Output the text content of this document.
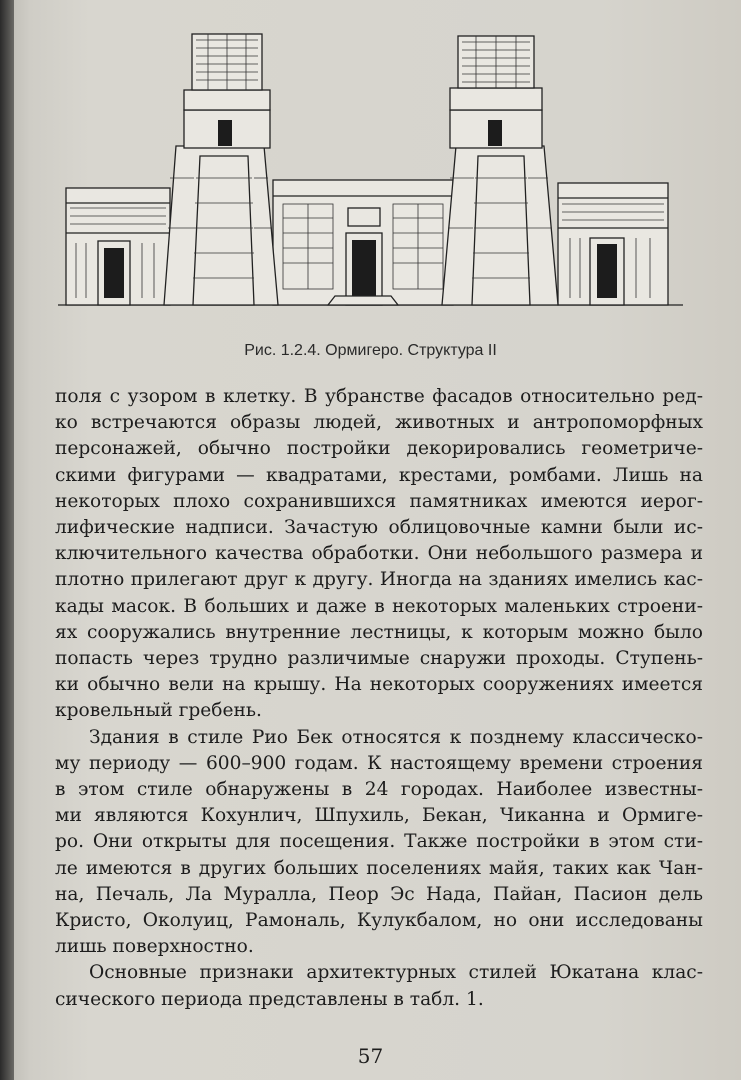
Рис. 1.2.4. Ормигеро. Структура II
поля с узором в клетку. В убранстве фасадов относительно ред-
ко встречаются образы людей, животных и антропоморфных
персонажей, обычно постройки декорировались геометриче-
скими фигурами — квадратами, крестами, ромбами. Лишь на
некоторых плохо сохранившихся памятниках имеются иерог-
лифические надписи. Зачастую облицовочные камни были ис-
ключительного качества обработки. Они небольшого размера и
плотно прилегают друг к другу. Иногда на зданиях имелись кас-
кады масок. В больших и даже в некоторых маленьких строени-
ях сооружались внутренние лестницы, к которым можно было
попасть через трудно различимые снаружи проходы. Ступень-
ки обычно вели на крышу. На некоторых сооружениях имеется
кровельный гребень.
Здания в стиле Рио Бек относятся к позднему классическо-
му периоду — 600–900 годам. К настоящему времени строения
в этом стиле обнаружены в 24 городах. Наиболее известны-
ми являются Кохунлич, Шпухиль, Бекан, Чиканна и Ормиге-
ро. Они открыты для посещения. Также постройки в этом сти-
ле имеются в других больших поселениях майя, таких как Чан-
на, Печаль, Ла Муралла, Пеор Эс Нада, Пайан, Пасион дель
Кристо, Околуиц, Рамональ, Кулукбалом, но они исследованы
лишь поверхностно.
Основные признаки архитектурных стилей Юкатана клас-
сического периода представлены в табл. 1.
57
